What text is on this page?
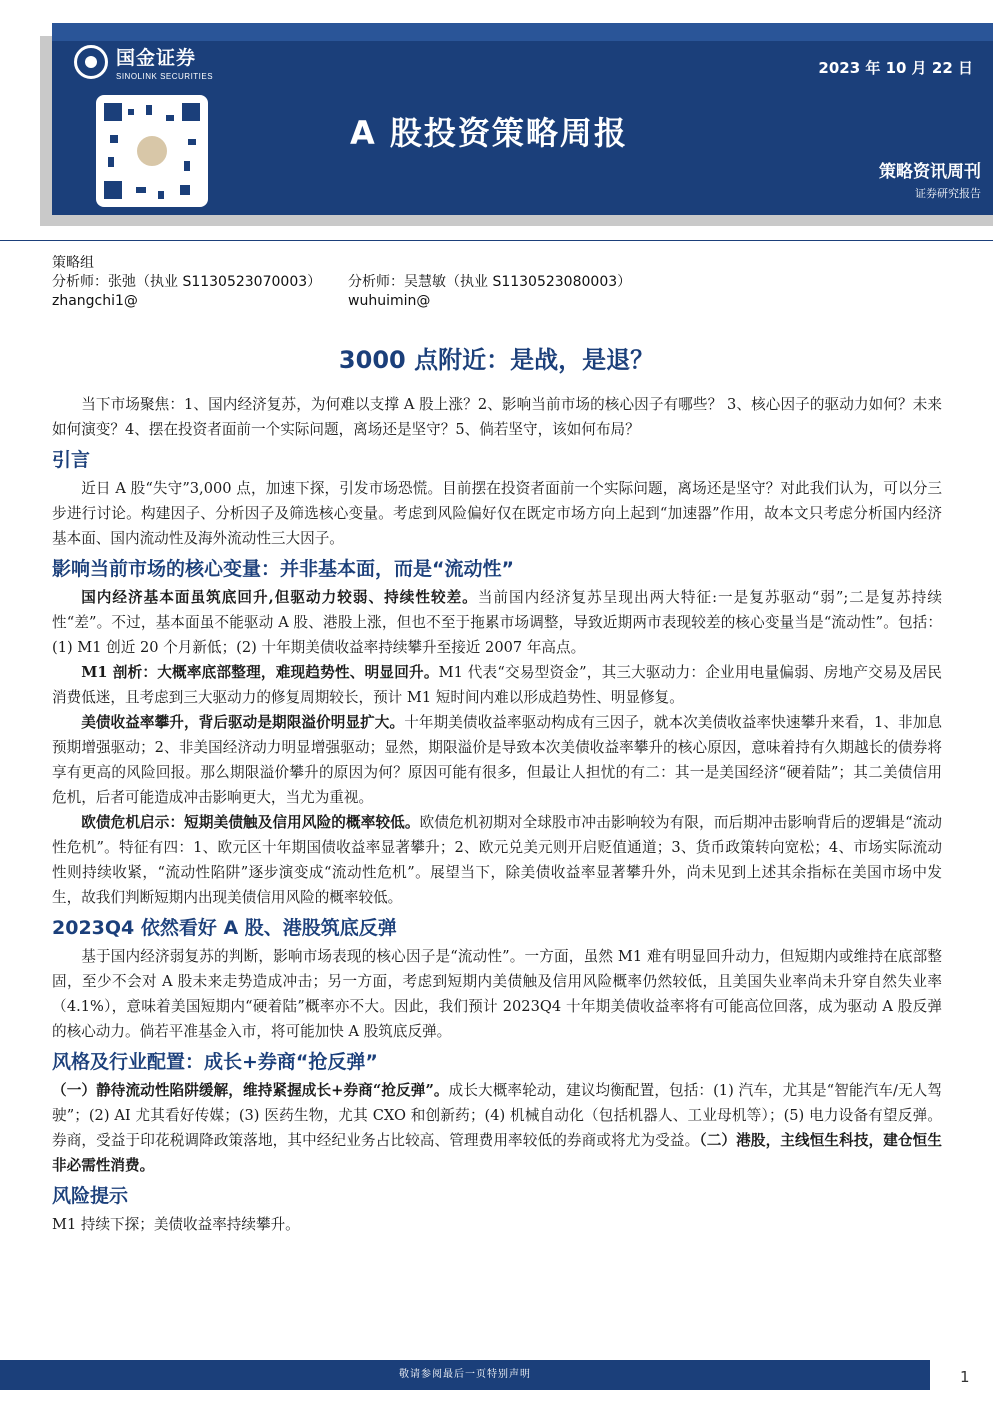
国金证券
SINOLINK SECURITIES
A 股投资策略周报
2023 年 10 月 22 日
策略资讯周刊
证券研究报告
策略组
分析师：张弛（执业 S1130523070003）
zhangchi1@
分析师：吴慧敏（执业 S1130523080003）
wuhuimin@
3000 点附近：是战，是退？

当下市场聚焦：1、国内经济复苏，为何难以支撑 A 股上涨？2、影响当前市场的核心因子有哪些？ 3、核心因子的驱动力如何？未来如何演变？4、摆在投资者面前一个实际问题，离场还是坚守？5、倘若坚守，该如何布局？

引言

近日 A 股“失守”3,000 点，加速下探，引发市场恐慌。目前摆在投资者面前一个实际问题，离场还是坚守？对此我们认为，可以分三步进行讨论。构建因子、分析因子及筛选核心变量。考虑到风险偏好仅在既定市场方向上起到“加速器”作用，故本文只考虑分析国内经济基本面、国内流动性及海外流动性三大因子。

影响当前市场的核心变量：并非基本面，而是“流动性”

国内经济基本面虽筑底回升,但驱动力较弱、持续性较差。当前国内经济复苏呈现出两大特征:一是复苏驱动“弱”;二是复苏持续性“差”。不过，基本面虽不能驱动 A 股、港股上涨，但也不至于拖累市场调整，导致近期两市表现较差的核心变量当是“流动性”。包括：(1) M1 创近 20 个月新低；(2) 十年期美债收益率持续攀升至接近 2007 年高点。

M1 剖析：大概率底部整理，难现趋势性、明显回升。M1 代表“交易型资金”，其三大驱动力：企业用电量偏弱、房地产交易及居民消费低迷，且考虑到三大驱动力的修复周期较长，预计 M1 短时间内难以形成趋势性、明显修复。

美债收益率攀升，背后驱动是期限溢价明显扩大。十年期美债收益率驱动构成有三因子，就本次美债收益率快速攀升来看，1、非加息预期增强驱动；2、非美国经济动力明显增强驱动；显然，期限溢价是导致本次美债收益率攀升的核心原因，意味着持有久期越长的债券将享有更高的风险回报。那么期限溢价攀升的原因为何？原因可能有很多，但最让人担忧的有二：其一是美国经济“硬着陆”；其二美债信用危机，后者可能造成冲击影响更大，当尤为重视。

欧债危机启示：短期美债触及信用风险的概率较低。欧债危机初期对全球股市冲击影响较为有限，而后期冲击影响背后的逻辑是“流动性危机”。特征有四：1、欧元区十年期国债收益率显著攀升；2、欧元兑美元则开启贬值通道；3、货币政策转向宽松；4、市场实际流动性则持续收紧，“流动性陷阱”逐步演变成“流动性危机”。展望当下，除美债收益率显著攀升外，尚未见到上述其余指标在美国市场中发生，故我们判断短期内出现美债信用风险的概率较低。

2023Q4 依然看好 A 股、港股筑底反弹

基于国内经济弱复苏的判断，影响市场表现的核心因子是“流动性”。一方面，虽然 M1 难有明显回升动力，但短期内或维持在底部整固，至少不会对 A 股未来走势造成冲击；另一方面，考虑到短期内美债触及信用风险概率仍然较低，且美国失业率尚未升穿自然失业率（4.1%），意味着美国短期内“硬着陆”概率亦不大。因此，我们预计 2023Q4 十年期美债收益率将有可能高位回落，成为驱动 A 股反弹的核心动力。倘若平准基金入市，将可能加快 A 股筑底反弹。

风格及行业配置：成长+券商“抢反弹”

（一）静待流动性陷阱缓解，维持紧握成长+券商“抢反弹”。成长大概率轮动，建议均衡配置，包括：(1) 汽车，尤其是“智能汽车/无人驾驶”；(2) AI 尤其看好传媒；(3) 医药生物，尤其 CXO 和创新药；(4) 机械自动化（包括机器人、工业母机等）；(5) 电力设备有望反弹。券商，受益于印花税调降政策落地，其中经纪业务占比较高、管理费用率较低的券商或将尤为受益。（二）港股，主线恒生科技，建仓恒生非必需性消费。

风险提示

M1 持续下探；美债收益率持续攀升。

敬请参阅最后一页特别声明	1
